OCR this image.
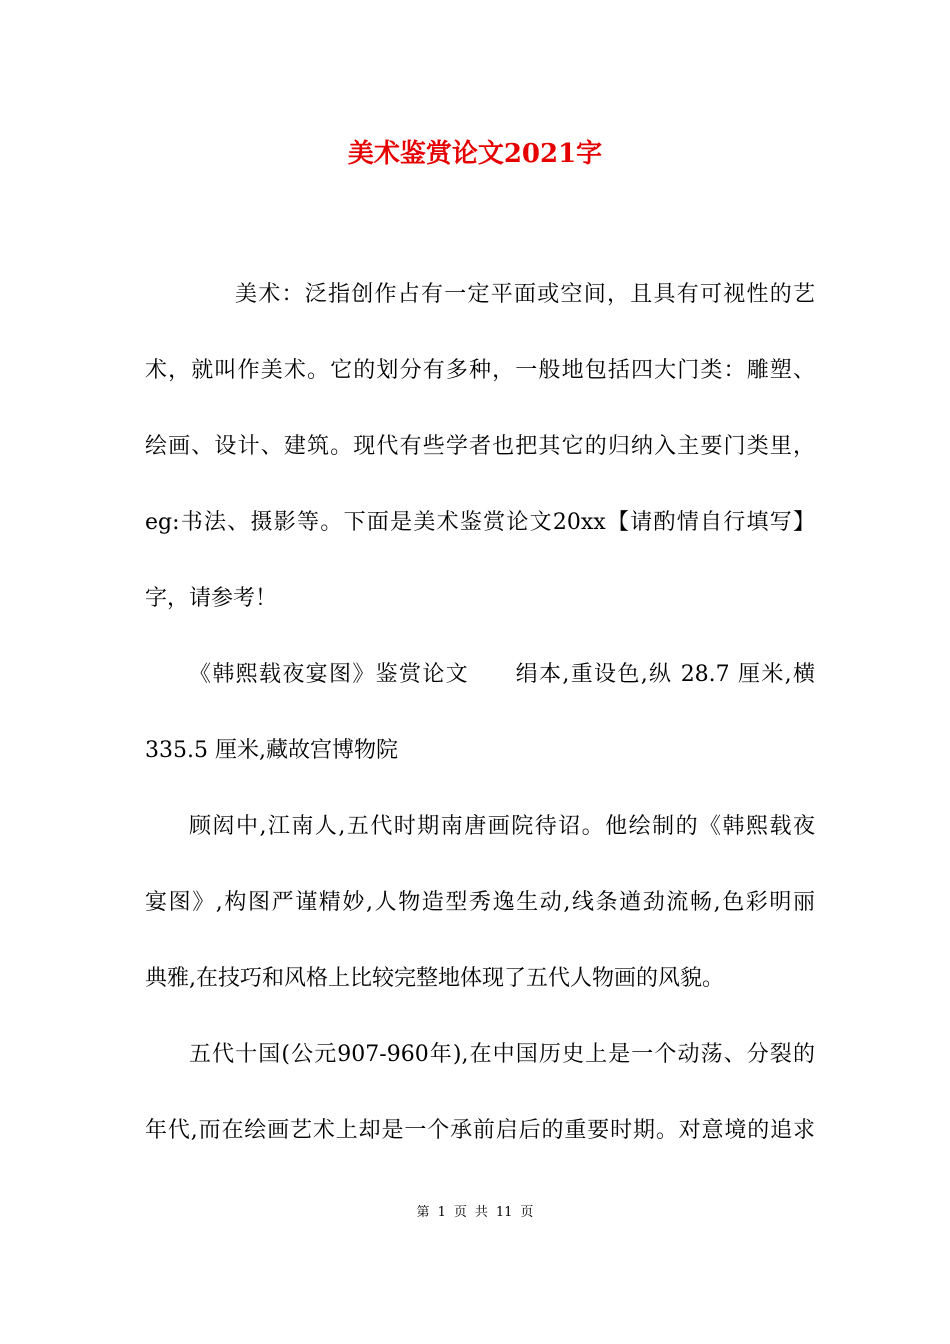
美术鉴赏论文2021字
美术：泛指创作占有一定平面或空间，且具有可视性的艺
术，就叫作美术。它的划分有多种，一般地包括四大门类：雕塑、
绘画、设计、建筑。现代有些学者也把其它的归纳入主要门类里，
eg:书法、摄影等。下面是美术鉴赏论文20xx【请酌情自行填写】
字，请参考！
《韩熙载夜宴图》鉴赏论文　　绢本,重设色,纵 28.7 厘米,横
335.5 厘米,藏故宫博物院
顾闳中,江南人,五代时期南唐画院待诏。他绘制的《韩熙载夜
宴图》,构图严谨精妙,人物造型秀逸生动,线条遒劲流畅,色彩明丽
典雅,在技巧和风格上比较完整地体现了五代人物画的风貌。
五代十国(公元907-960年),在中国历史上是一个动荡、分裂的
年代,而在绘画艺术上却是一个承前启后的重要时期。对意境的追求
第 1 页 共 11 页
